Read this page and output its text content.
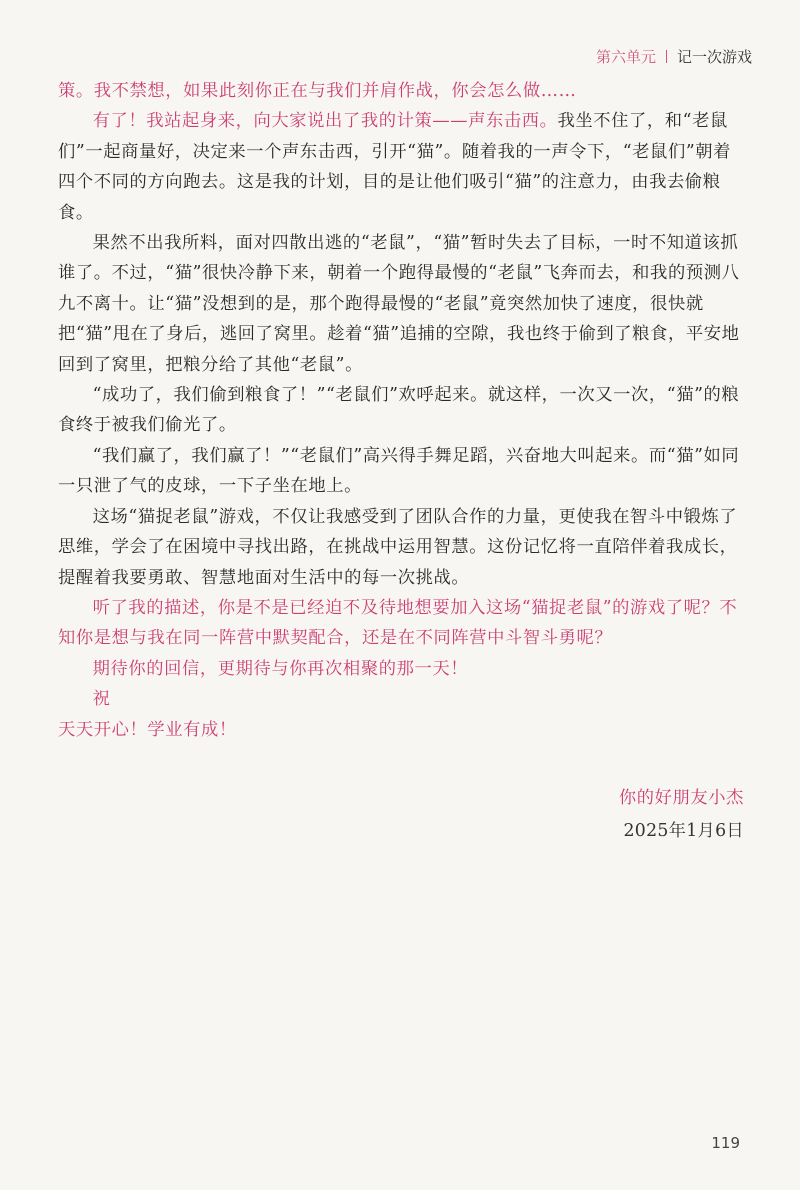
第六单元 记一次游戏

策。我不禁想，如果此刻你正在与我们并肩作战，你会怎么做……

有了！我站起身来，向大家说出了我的计策——声东击西。我坐不住了，和“老鼠们”一起商量好，决定来一个声东击西，引开“猫”。随着我的一声令下，“老鼠们”朝着四个不同的方向跑去。这是我的计划，目的是让他们吸引“猫”的注意力，由我去偷粮食。

果然不出我所料，面对四散出逃的“老鼠”，“猫”暂时失去了目标，一时不知道该抓谁了。不过，“猫”很快冷静下来，朝着一个跑得最慢的“老鼠”飞奔而去，和我的预测八九不离十。让“猫”没想到的是，那个跑得最慢的“老鼠”竟突然加快了速度，很快就把“猫”甩在了身后，逃回了窝里。趁着“猫”追捕的空隙，我也终于偷到了粮食，平安地回到了窝里，把粮分给了其他“老鼠”。

“成功了，我们偷到粮食了！”“老鼠们”欢呼起来。就这样，一次又一次，“猫”的粮食终于被我们偷光了。

“我们赢了，我们赢了！”“老鼠们”高兴得手舞足蹈，兴奋地大叫起来。而“猫”如同一只泄了气的皮球，一下子坐在地上。

这场“猫捉老鼠”游戏，不仅让我感受到了团队合作的力量，更使我在智斗中锻炼了思维，学会了在困境中寻找出路，在挑战中运用智慧。这份记忆将一直陪伴着我成长，提醒着我要勇敢、智慧地面对生活中的每一次挑战。

听了我的描述，你是不是已经迫不及待地想要加入这场“猫捉老鼠”的游戏了呢？不知你是想与我在同一阵营中默契配合，还是在不同阵营中斗智斗勇呢？

期待你的回信，更期待与你再次相聚的那一天！

祝

天天开心！学业有成！

你的好朋友小杰
2025年1月6日
119
